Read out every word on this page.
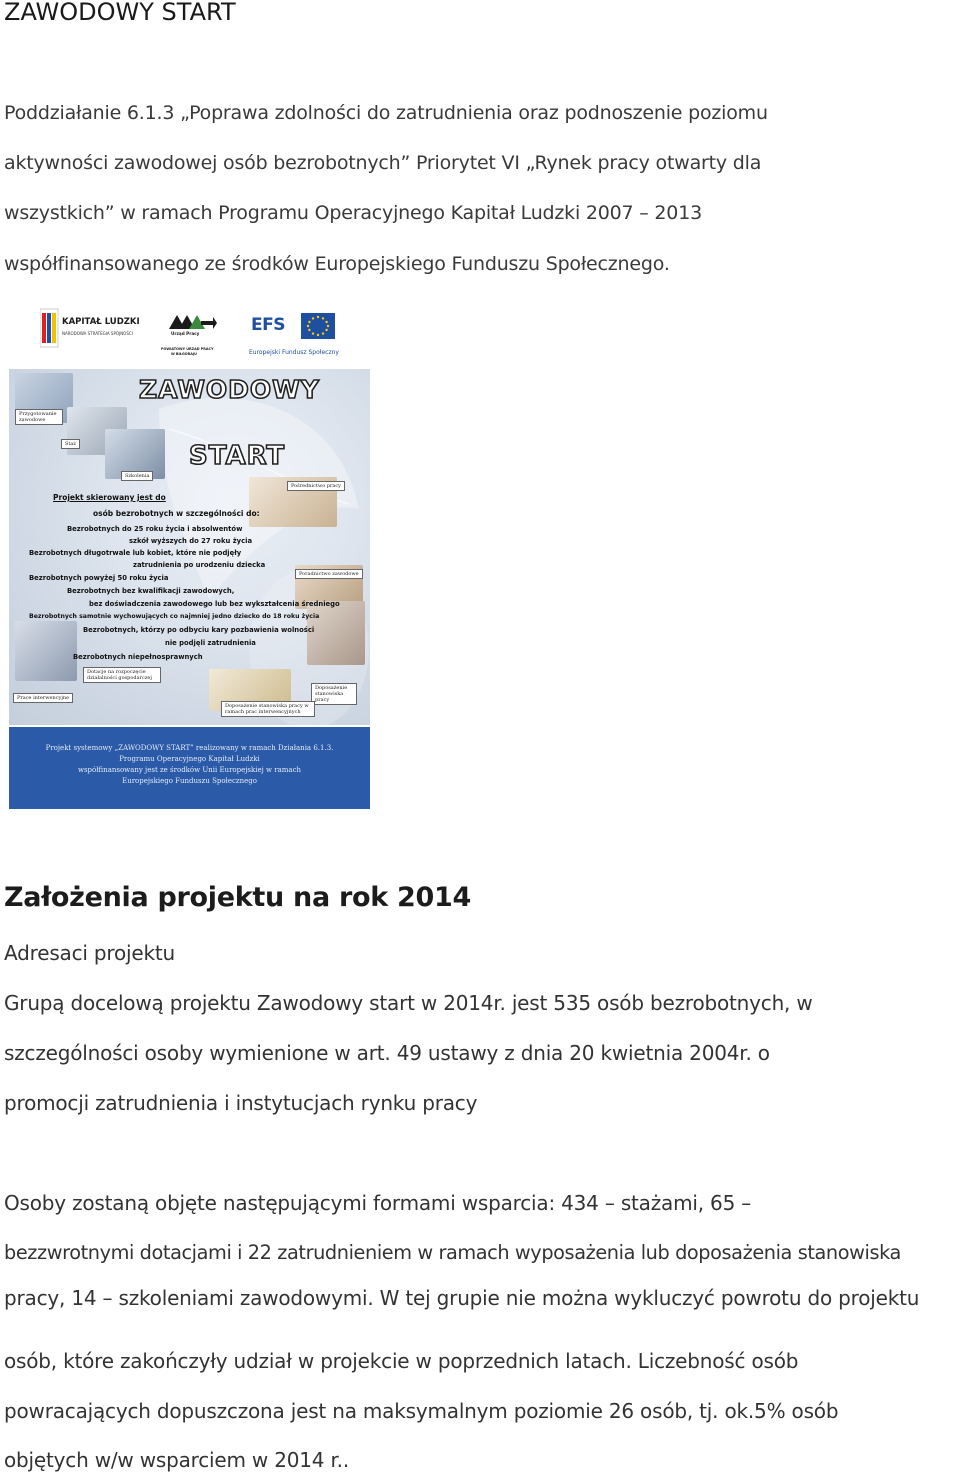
ZAWODOWY START
Poddziałanie 6.1.3 „Poprawa zdolności do zatrudnienia oraz podnoszenie poziomu
aktywności zawodowej osób bezrobotnych” Priorytet VI „Rynek pracy otwarty dla
wszystkich” w ramach Programu Operacyjnego Kapitał Ludzki 2007 – 2013
współfinansowanego ze środków Europejskiego Funduszu Społecznego.
KAPITAŁ LUDZKI
NARODOWA STRATEGIA SPÓJNOŚCI	Urząd Pracy
POWIATOWY URZĄD PRACY
W BIŁGORAJU
EFS
Europejski Fundusz Społeczny
ZAWODOWY
START
Przygotowanie zawodowe
Staż
Szkolenia
Pośrednictwo pracy
Poradnictwo zawodowe
Dotacje na rozpoczęcie działalności gospodarczej
Prace interwencyjne
Doposażenie stanowiska pracy
Doposażenie stanowiska pracy w ramach prac interwencyjnych
Projekt skierowany jest do
osób bezrobotnych w szczególności do:
Bezrobotnych do 25 roku życia i absolwentów
szkół wyższych do 27 roku życia
Bezrobotnych długotrwale lub kobiet, które nie podjęły
zatrudnienia po urodzeniu dziecka
Bezrobotnych powyżej 50 roku życia
Bezrobotnych bez kwalifikacji zawodowych,
bez doświadczenia zawodowego lub bez wykształcenia średniego
Bezrobotnych samotnie wychowujących co najmniej jedno dziecko do 18 roku życia
Bezrobotnych, którzy po odbyciu kary pozbawienia wolności
nie podjęli zatrudnienia
Bezrobotnych niepełnosprawnych
Projekt systemowy „ZAWODOWY START” realizowany w ramach Działania 6.1.3.
Programu Operacyjnego Kapitał Ludzki
współfinansowany jest ze środków Unii Europejskiej w ramach
Europejskiego Funduszu Społecznego
Założenia projektu na rok 2014
Adresaci projektu
Grupą docelową projektu Zawodowy start w 2014r. jest 535 osób bezrobotnych, w
szczególności osoby wymienione w art. 49 ustawy z dnia 20 kwietnia 2004r. o
promocji zatrudnienia i instytucjach rynku pracy
Osoby zostaną objęte następującymi formami wsparcia: 434 – stażami, 65 –
bezzwrotnymi dotacjami i 22 zatrudnieniem w ramach wyposażenia lub doposażenia stanowiska
pracy, 14 – szkoleniami zawodowymi. W tej grupie nie można wykluczyć powrotu do projektu
osób, które zakończyły udział w projekcie w poprzednich latach. Liczebność osób
powracających dopuszczona jest na maksymalnym poziomie 26 osób, tj. ok.5% osób
objętych w/w wsparciem w 2014 r..
